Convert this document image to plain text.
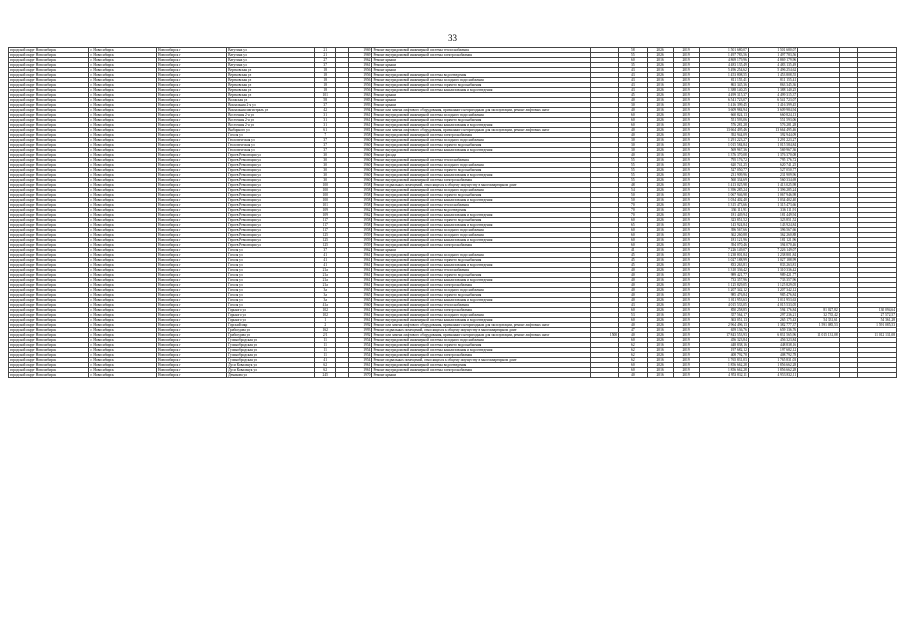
33
городской округ Новосибирск	г. Новосибирск	Новосибирск г	Ватутина ул	21		1969	Ремонт внутридомовой инженерной системы теплоснабжения		58	2026	2019	1 501 680,07	1 501 680,07			
городской округ Новосибирск	г. Новосибирск	Новосибирск г	Ватутина ул	21		1969	Ремонт внутридомовой инженерной системы электроснабжения		55	2026	2019	1 497 783,56	1 497 783,56			
городской округ Новосибирск	г. Новосибирск	Новосибирск г	Ватутина ул	27		1962	Ремонт крыши		60	2016	2019	4 869 179,96	4 869 179,96			
городской округ Новосибирск	г. Новосибирск	Новосибирск г	Ватутина ул	37		1961	Ремонт крыши		35	2026	2019	4 483 135,49	4 483 135,49			
городской округ Новосибирск	г. Новосибирск	Новосибирск г	Вертковская ул	18		1956	Ремонт крыши		43	2016	2019	5 496 254,62	5 496 254,62			
городской округ Новосибирск	г. Новосибирск	Новосибирск г	Вертковская ул	18		1956	Ремонт внутридомовой инженерной системы водоотведения		43	2026	2019	1 453 808,55	1 453 808,55			
городской округ Новосибирск	г. Новосибирск	Новосибирск г	Вертковская ул	18		1956	Ремонт внутридомовой инженерной системы холодного водоснабжения		43	2016	2019	811 155,41	811 155,41			
городской округ Новосибирск	г. Новосибирск	Новосибирск г	Вертковская ул	18		1956	Ремонт внутридомовой инженерной системы горячего водоснабжения		43	2016	2019	863 345,36	863 345,36			
городской округ Новосибирск	г. Новосибирск	Новосибирск г	Вертковская ул	18		1956	Ремонт внутридомовой инженерной системы канализования и водоотведения		43	2026	2019	1 388 140,25	1 388 140,25			
городской округ Новосибирск	г. Новосибирск	Новосибирск г	Вертковская ул	101		1963	Ремонт крыши		45	2026	2019	4 499 315,37	4 499 315,37			
городской округ Новосибирск	г. Новосибирск	Новосибирск г	Волжская ул	58		1983	Ремонт крыши		40	2016	2019	6 541 723,07	6 541 723,07			
городской округ Новосибирск	г. Новосибирск	Новосибирск г	Вокзальная 2-я ул	37		1993	Ремонт крыши		30	2016	2019	1 416 399,45	1 416 399,45			
городской округ Новосибирск	г. Новосибирск	Новосибирск г	Вокзальная магистраль ул	42		1994	Ремонт или замена лифтового оборудования, признанного непригодным для эксплуатации, ремонт лифтовых шахт		40	2016	2019	3 609 984,94	3 609 984,94			
городской округ Новосибирск	г. Новосибирск	Новосибирск г	Восточная 2-я ул	31		1961	Ремонт внутридомовой инженерной системы холодного водоснабжения		60	2026	2019	660 824,13	660 824,13			
городской округ Новосибирск	г. Новосибирск	Новосибирск г	Восточная 2-я ул	31		1961	Ремонт внутридомовой инженерной системы горячего водоснабжения		60	2026	2019	551 593,06	551 593,06			
городской округ Новосибирск	г. Новосибирск	Новосибирск г	Восточная 2-я ул	31		1961	Ремонт внутридомовой инженерной системы канализования и водоотведения		60	2016	2019	576 281,28	576 281,28			
городской округ Новосибирск	г. Новосибирск	Новосибирск г	Выборного ул	61		1981	Ремонт или замена лифтового оборудования, признанного непригодным для эксплуатации, ремонт лифтовых шахт		40	2026	2019	13 664 495,46	13 664 495,46			
городской округ Новосибирск	г. Новосибирск	Новосибирск г	Гоголя ул	7		1958	Ремонт внутридомовой инженерной системы электроснабжения		40	2026	2019	392 944,09	392 944,09			
городской округ Новосибирск	г. Новосибирск	Новосибирск г	Геологическая ул	37		1960	Ремонт внутридомовой инженерной системы холодного водоснабжения		30	2016	2019	1 291 223,27	1 291 223,27			
городской округ Новосибирск	г. Новосибирск	Новосибирск г	Геологическая ул	37		1960	Ремонт внутридомовой инженерной системы горячего водоснабжения		30	2016	2019	1 015 584,84	1 015 584,84			
городской округ Новосибирск	г. Новосибирск	Новосибирск г	Геологическая ул	37		1960	Ремонт внутридомовой инженерной системы канализования и водоотведения		30	2026	2019	569 967,36	569 967,36			
городской округ Новосибирск	г. Новосибирск	Новосибирск г	Героев Революции ул	30		1960	Ремонт фасада		40	2016	2019	1 376 370,08	1 376 370,08			
городской округ Новосибирск	г. Новосибирск	Новосибирск г	Героев Революции ул	30		1960	Ремонт внутридомовой инженерной системы теплоснабжения		55	2016	2019	795 176,72	795 176,72			
городской округ Новосибирск	г. Новосибирск	Новосибирск г	Героев Революции ул	30		1960	Ремонт внутридомовой инженерной системы холодного водоснабжения		55	2016	2019	620 741,25	620 741,25			
городской округ Новосибирск	г. Новосибирск	Новосибирск г	Героев Революции ул	30		1960	Ремонт внутридомовой инженерной системы горячего водоснабжения		55	2026	2019	527 050,77	527 050,77			
городской округ Новосибирск	г. Новосибирск	Новосибирск г	Героев Революции ул	30		1960	Ремонт внутридомовой инженерной системы канализования и водоотведения		55	2026	2019	231 909,96	231 909,96			
городской округ Новосибирск	г. Новосибирск	Новосибирск г	Героев Революции ул	30		1960	Ремонт внутридомовой инженерной системы электроснабжения		55	2026	2019	560 334,69	560 334,69			
городской округ Новосибирск	г. Новосибирск	Новосибирск г	Героев Революции ул	100		1958	Ремонт подвальных помещений, относящихся к общему имуществу в многоквартирном доме		48	2026	2019	1 413 025,98	1 413 025,98			
городской округ Новосибирск	г. Новосибирск	Новосибирск г	Героев Революции ул	100		1958	Ремонт внутридомовой инженерной системы холодного водоснабжения		54	2026	2019	1 396 285,24	1 396 285,24			
городской округ Новосибирск	г. Новосибирск	Новосибирск г	Героев Революции ул	100		1958	Ремонт внутридомовой инженерной системы горячего водоснабжения		50	2016	2019	1 067 946,98	1 067 946,98			
городской округ Новосибирск	г. Новосибирск	Новосибирск г	Героев Революции ул	100		1958	Ремонт внутридомовой инженерной системы канализования и водоотведения		50	2016	2019	1 034 402,40	1 034 402,40			
городской округ Новосибирск	г. Новосибирск	Новосибирск г	Героев Революции ул	101		1958	Ремонт внутридомовой инженерной системы теплоснабжения		70	2026	2019	1 315 473,66	1 315 473,66			
городской округ Новосибирск	г. Новосибирск	Новосибирск г	Героев Революции ул	109		1962	Ремонт внутридомовой инженерной системы водоотведения		70	2016	2019	336 111,91	336 111,91			
городской округ Новосибирск	г. Новосибирск	Новосибирск г	Героев Революции ул	109		1962	Ремонт внутридомовой инженерной системы канализования и водоотведения		70	2026	2019	181 449,94	181 449,94			
городской округ Новосибирск	г. Новосибирск	Новосибирск г	Героев Революции ул	117		1958	Ремонт внутридомовой инженерной системы горячего водоснабжения		60	2026	2019	323 851,52	323 851,52			
городской округ Новосибирск	г. Новосибирск	Новосибирск г	Героев Революции ул	117		1958	Ремонт внутридомовой инженерной системы канализования и водоотведения		65	2016	2019	143 924,84	143 924,84			
городской округ Новосибирск	г. Новосибирск	Новосибирск г	Героев Революции ул	117		1958	Ремонт внутридомовой инженерной системы холодного водоснабжения		60	2016	2019	396 567,66	396 567,66			
городской округ Новосибирск	г. Новосибирск	Новосибирск г	Героев Революции ул	125		1959	Ремонт внутридомовой инженерной системы холодного водоснабжения		60	2016	2019	362 260,88	362 260,88			
городской округ Новосибирск	г. Новосибирск	Новосибирск г	Героев Революции ул	125		1959	Ремонт внутридомовой инженерной системы канализования и водоотведения		60	2016	2019	181 121,96	181 121,96			
городской округ Новосибирск	г. Новосибирск	Новосибирск г	Героев Революции ул	125		1959	Ремонт внутридомовой инженерной системы электроснабжения		60	2026	2019	394 070,46	394 070,46			
городской округ Новосибирск	г. Новосибирск	Новосибирск г	Гоголя ул	37		1962	Ремонт крыши		41	2016	2019	7 226 149,07	7 226 149,07			
городской округ Новосибирск	г. Новосибирск	Новосибирск г	Гоголя ул	41		1961	Ремонт внутридомовой инженерной системы холодного водоснабжения		45	2016	2019	1 238 801,84	1 238 801,84			
городской округ Новосибирск	г. Новосибирск	Новосибирск г	Гоголя ул	41		1961	Ремонт внутридомовой инженерной системы горячего водоснабжения		45	2016	2019	1 027 188,99	1 027 188,99			
городской округ Новосибирск	г. Новосибирск	Новосибирск г	Гоголя ул	41		1961	Ремонт внутридомовой инженерной системы канализования и водоотведения		45	2026	2019	833 263,81	833 263,81			
городской округ Новосибирск	г. Новосибирск	Новосибирск г	Гоголя ул	21а		1961	Ремонт внутридомовой инженерной системы теплоснабжения		40	2026	2019	1 310 336,42	1 310 336,42			
городской округ Новосибирск	г. Новосибирск	Новосибирск г	Гоголя ул	21а		1961	Ремонт внутридомовой инженерной системы горячего водоснабжения		40	2016	2019	989 421,77	989 421,77			
городской округ Новосибирск	г. Новосибирск	Новосибирск г	Гоголя ул	21а		1961	Ремонт внутридомовой инженерной системы канализования и водоотведения		40	2016	2019	733 357,96	733 357,96			
городской округ Новосибирск	г. Новосибирск	Новосибирск г	Гоголя ул	21а		1961	Ремонт внутридомовой инженерной системы электроснабжения		40	2026	2019	1 125 829,05	1 125 829,05			
городской округ Новосибирск	г. Новосибирск	Новосибирск г	Гоголя ул	3а		1965	Ремонт внутридомовой инженерной системы холодного водоснабжения		40	2026	2019	1 207 342,12	1 207 342,12			
городской округ Новосибирск	г. Новосибирск	Новосибирск г	Гоголя ул	3а		1965	Ремонт внутридомовой инженерной системы горячего водоснабжения		40	2016	2019	985 476,84	985 476,84			
городской округ Новосибирск	г. Новосибирск	Новосибирск г	Гоголя ул	3а		1965	Ремонт внутридомовой инженерной системы канализования и водоотведения		40	2026	2019	1 011 953,63	1 011 953,63			
городской округ Новосибирск	г. Новосибирск	Новосибирск г	Гоголя ул	41а		1960	Ремонт внутридомовой инженерной системы теплоснабжения		43	2026	2019	4 015 533,05	4 015 533,05			
городской округ Новосибирск	г. Новосибирск	Новосибирск г	Горького ул	102		1961	Ремонт внутридомовой инженерной системы электроснабжения		60	2026	2019	850 258,85	594 176,84	81 027,82		130 094,64
городской округ Новосибирск	г. Новосибирск	Новосибирск г	Горького ул	102		1961	Ремонт внутридомовой инженерной системы холодного водоснабжения		53	2016	2019	357 564,17	297 236,21	32 735,42		27 572,57
городской округ Новосибирск	г. Новосибирск	Новосибирск г	Горького ул	1		1961	Ремонт внутридомовой инженерной системы канализования и водоотведения		60	2026	2019	363 051,13	265 175,43	54 331,61		54 361,28
городской округ Новосибирск	г. Новосибирск	Новосибирск г	Горский мкр	2		1992	Ремонт или замена лифтового оборудования, признанного непригодным для эксплуатации, ремонт лифтовых шахт		40	2026	2019	2 964 496,13	1 382 777,37	1 591 085,53		1 591 085,53
городской округ Новосибирск	г. Новосибирск	Новосибирск г	Грибоедова ул	162		1993	Ремонт подвальных помещений, относящихся к общему имуществу в многоквартирном доме		47	2016	2019	659 136,76	659 136,76			
городской округ Новосибирск	г. Новосибирск	Новосибирск г	Грибоедова ул	2/1		1992	Ремонт или замена лифтового оборудования, признанного непригодным для эксплуатации, ремонт лифтовых шахт	1500	40	2026	2019	17 843 553,93	6 831 565,96	11 015 131,08		11 012 131,08
городской округ Новосибирск	г. Новосибирск	Новосибирск г	Гусинобродская ул	11		1954	Ремонт внутридомовой инженерной системы холодного водоснабжения		60	2026	2019	456 323,84	456 323,84			
городской округ Новосибирск	г. Новосибирск	Новосибирск г	Гусинобродская ул	11		1954	Ремонт внутридомовой инженерной системы горячего водоснабжения		62	2016	2019	448 838,16	448 838,16			
городской округ Новосибирск	г. Новосибирск	Новосибирск г	Гусинобродская ул	11		1954	Ремонт внутридомовой инженерной системы канализования и водоотведения		62	2016	2019	197 682,12	197 682,12			
городской округ Новосибирск	г. Новосибирск	Новосибирск г	Гусинобродская ул	11		1954	Ремонт внутридомовой инженерной системы электроснабжения		62	2026	2019	408 792,78	408 792,78			
городской округ Новосибирск	г. Новосибирск	Новосибирск г	Гусинобродская ул	41		1954	Ремонт подвальных помещений, относящихся к общему имуществу в многоквартирном доме		62	2016	2019	1 765 831,03	1 765 831,03			
городской округ Новосибирск	г. Новосибирск	Новосибирск г	Дуси Ковальчук ул	62		1961	Ремонт внутридомовой инженерной системы водоотведения		60	2026	2019	1 856 662,28	1 856 662,28			
городской округ Новосибирск	г. Новосибирск	Новосибирск г	Дуси Ковальчук ул	62		1961	Ремонт внутридомовой инженерной системы электроснабжения		60	2016	2019	1 856 662,28	1 856 662,28			
городской округ Новосибирск	г. Новосибирск	Новосибирск г	Демакова ул	245		1970	Ремонт крыши		40	2016	2019	4 953 832,11	4 953 832,11			
